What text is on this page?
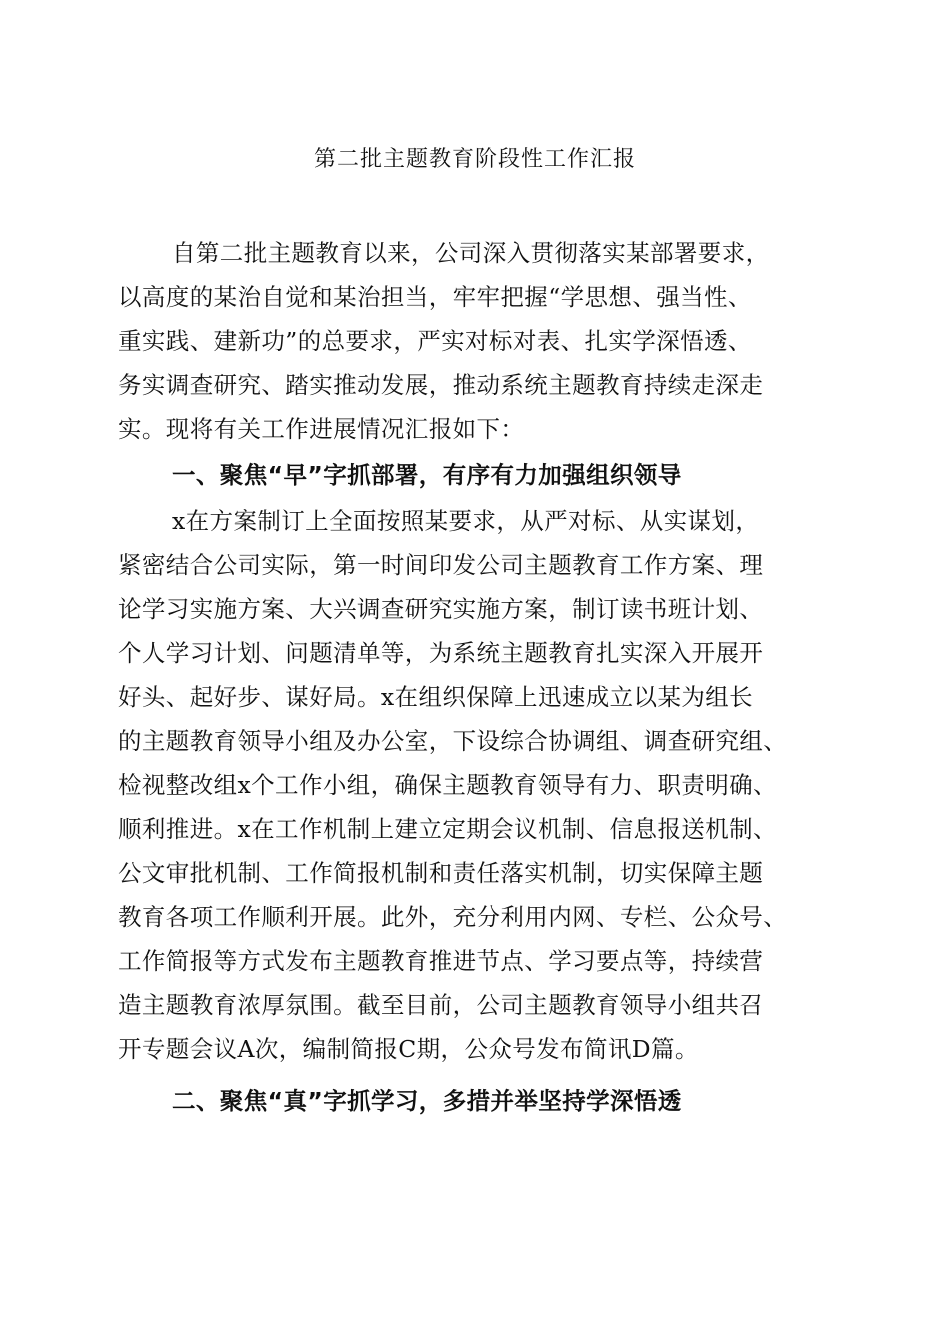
第二批主题教育阶段性工作汇报
自第二批主题教育以来，公司深入贯彻落实某部署要求，
以高度的某治自觉和某治担当，牢牢把握“学思想、强当性、
重实践、建新功”的总要求，严实对标对表、扎实学深悟透、
务实调查研究、踏实推动发展，推动系统主题教育持续走深走
实。现将有关工作进展情况汇报如下：
一、聚焦“早”字抓部署，有序有力加强组织领导
x在方案制订上全面按照某要求，从严对标、从实谋划，
紧密结合公司实际，第一时间印发公司主题教育工作方案、理
论学习实施方案、大兴调查研究实施方案，制订读书班计划、
个人学习计划、问题清单等，为系统主题教育扎实深入开展开
好头、起好步、谋好局。x在组织保障上迅速成立以某为组长
的主题教育领导小组及办公室，下设综合协调组、调查研究组、
检视整改组x个工作小组，确保主题教育领导有力、职责明确、
顺利推进。x在工作机制上建立定期会议机制、信息报送机制、
公文审批机制、工作简报机制和责任落实机制，切实保障主题
教育各项工作顺利开展。此外，充分利用内网、专栏、公众号、
工作简报等方式发布主题教育推进节点、学习要点等，持续营
造主题教育浓厚氛围。截至目前，公司主题教育领导小组共召
开专题会议A次，编制简报C期，公众号发布简讯D篇。
二、聚焦“真”字抓学习，多措并举坚持学深悟透
